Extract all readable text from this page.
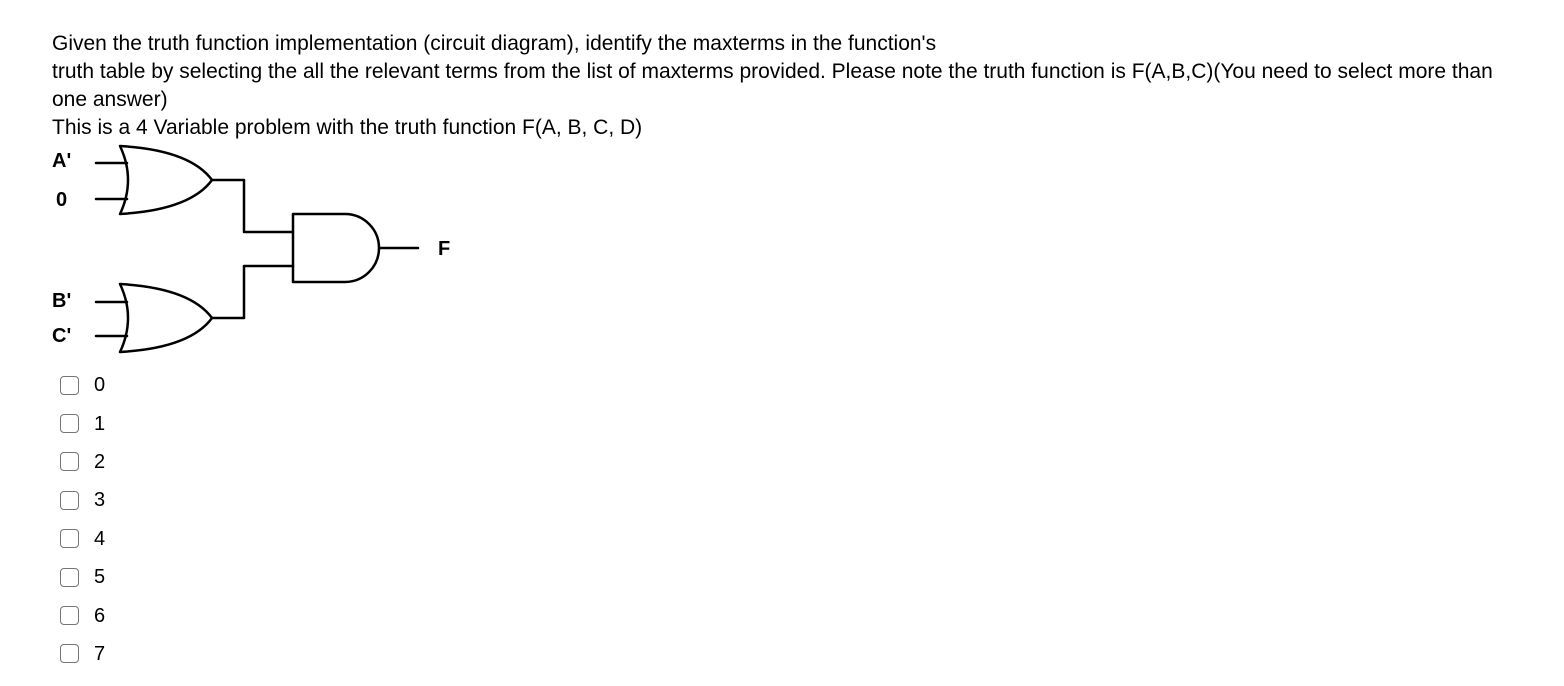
Given the truth function implementation (circuit diagram), identify the maxterms in the function's

truth table by selecting the all the relevant terms from the list of maxterms provided. Please note the truth function is F(A,B,C)(You need to select more than one answer)

This is a 4 Variable problem with the truth function F(A, B, C, D)

A'
0
B'
C'
F
0
1
2
3
4
5
6
7
